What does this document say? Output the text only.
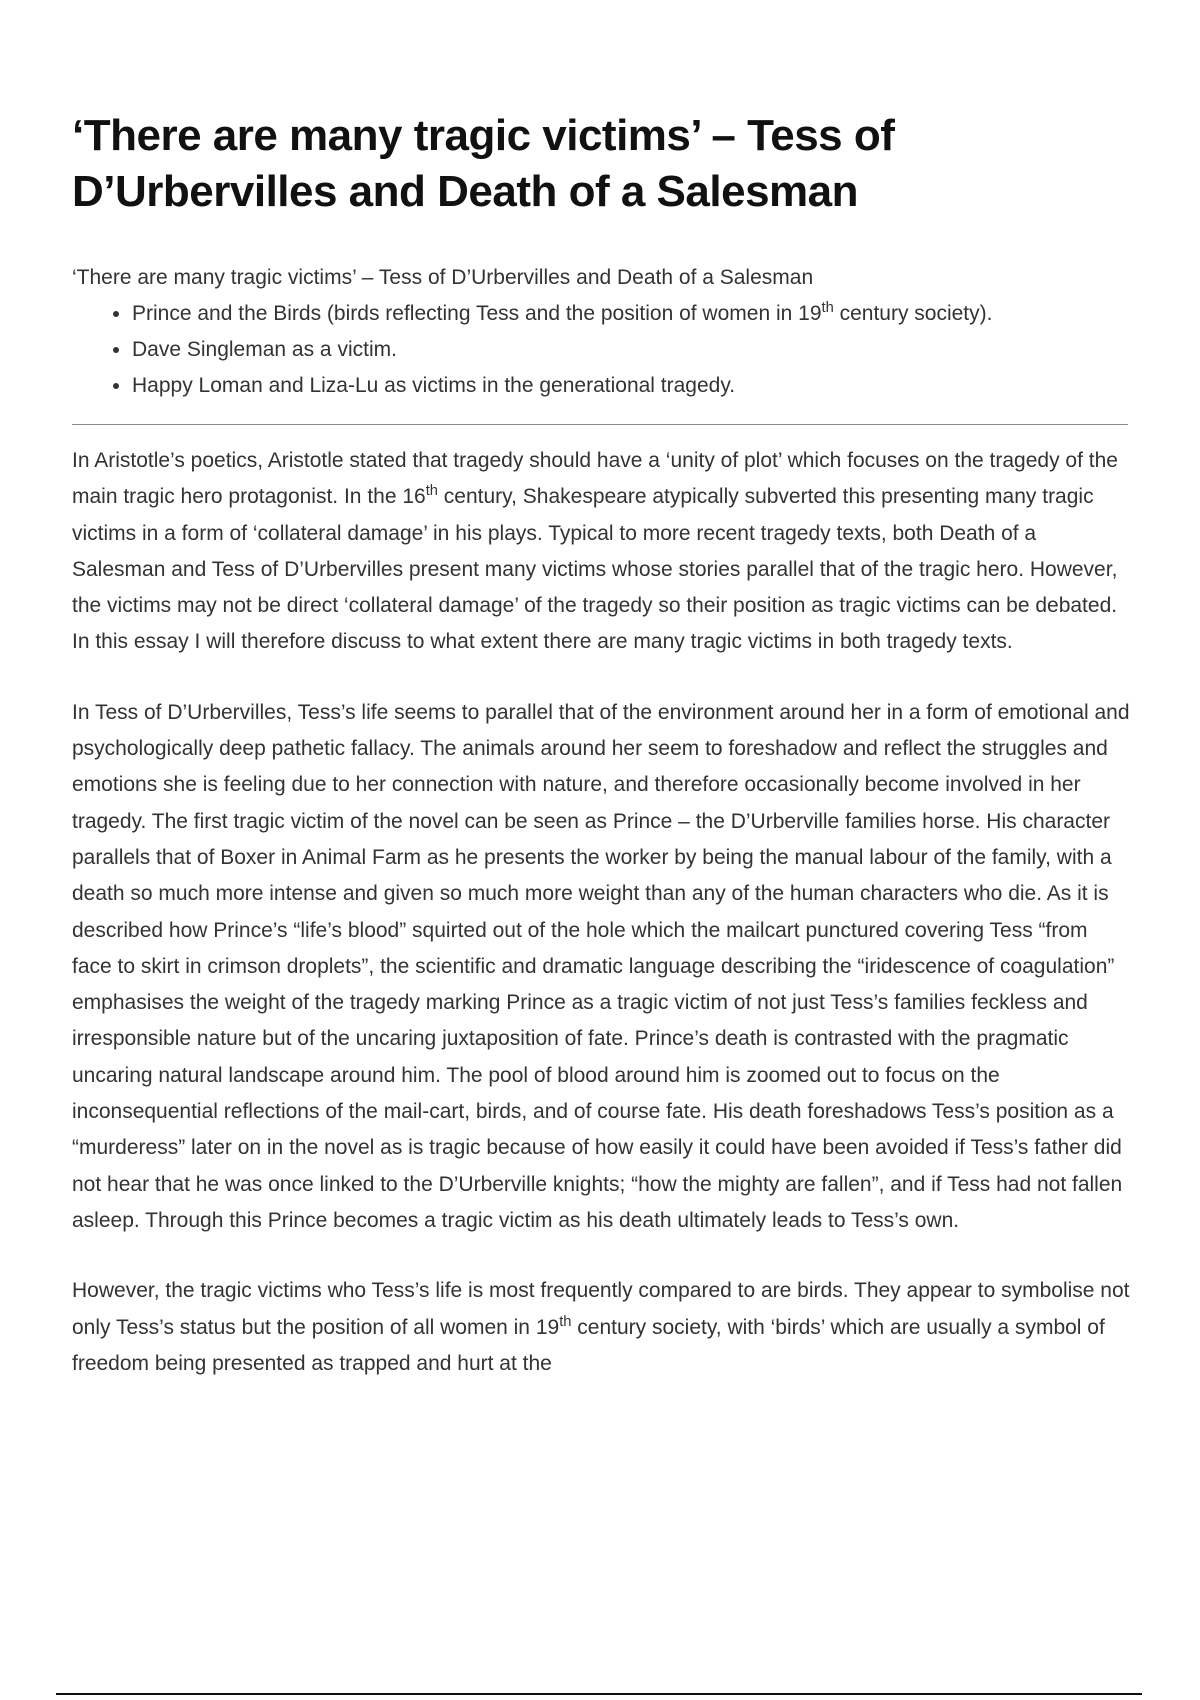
‘There are many tragic victims’ – Tess of D’Urbervilles and Death of a Salesman
‘There are many tragic victims’ – Tess of D’Urbervilles and Death of a Salesman
• Prince and the Birds (birds reflecting Tess and the position of women in 19th century society).
• Dave Singleman as a victim.
• Happy Loman and Liza-Lu as victims in the generational tragedy.

In Aristotle’s poetics, Aristotle stated that tragedy should have a ‘unity of plot’ which focuses on the tragedy of the main tragic hero protagonist. In the 16th century, Shakespeare atypically subverted this presenting many tragic victims in a form of ‘collateral damage’ in his plays. Typical to more recent tragedy texts, both Death of a Salesman and Tess of D’Urbervilles present many victims whose stories parallel that of the tragic hero. However, the victims may not be direct ‘collateral damage’ of the tragedy so their position as tragic victims can be debated. In this essay I will therefore discuss to what extent there are many tragic victims in both tragedy texts.

In Tess of D’Urbervilles, Tess’s life seems to parallel that of the environment around her in a form of emotional and psychologically deep pathetic fallacy. The animals around her seem to foreshadow and reflect the struggles and emotions she is feeling due to her connection with nature, and therefore occasionally become involved in her tragedy. The first tragic victim of the novel can be seen as Prince – the D’Urberville families horse. His character parallels that of Boxer in Animal Farm as he presents the worker by being the manual labour of the family, with a death so much more intense and given so much more weight than any of the human characters who die. As it is described how Prince’s “life’s blood” squirted out of the hole which the mailcart punctured covering Tess “from face to skirt in crimson droplets”, the scientific and dramatic language describing the “iridescence of coagulation” emphasises the weight of the tragedy marking Prince as a tragic victim of not just Tess’s families feckless and irresponsible nature but of the uncaring juxtaposition of fate. Prince’s death is contrasted with the pragmatic uncaring natural landscape around him. The pool of blood around him is zoomed out to focus on the inconsequential reflections of the mail-cart, birds, and of course fate. His death foreshadows Tess’s position as a “murderess” later on in the novel as is tragic because of how easily it could have been avoided if Tess’s father did not hear that he was once linked to the D’Urberville knights; “how the mighty are fallen”, and if Tess had not fallen asleep. Through this Prince becomes a tragic victim as his death ultimately leads to Tess’s own.

However, the tragic victims who Tess’s life is most frequently compared to are birds. They appear to symbolise not only Tess’s status but the position of all women in 19th century society, with ‘birds’ which are usually a symbol of freedom being presented as trapped and hurt at the
